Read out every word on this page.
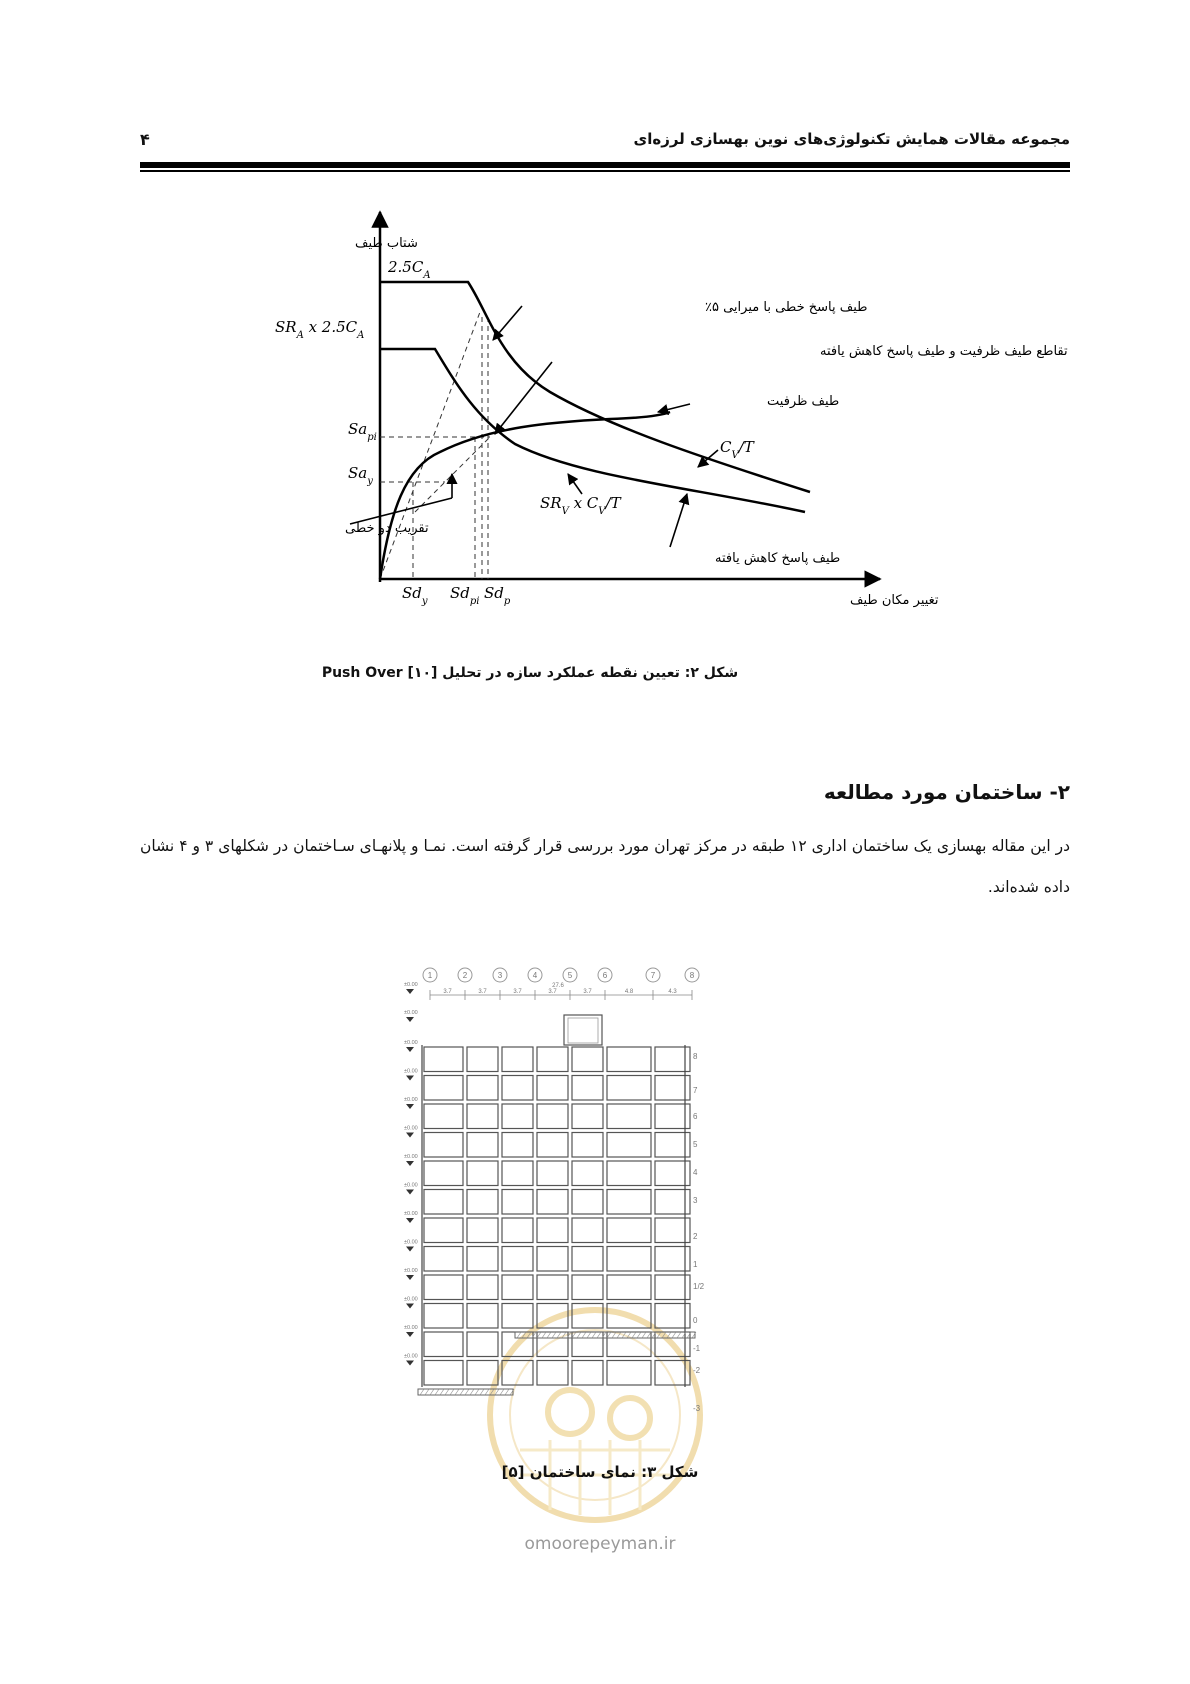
مجموعه مقالات همایش تکنولوژی‌های نوین بهسازی لرزه‌ای
۴
شتاب طیف
تغییر مکان طیف
$2.5C_A$
$SR_A$ x $2.5C_A$
$Sa_{pi}$
$Sa_y$
$Sd_y$ $Sd_{pi}$ $Sd_p$
$C_V/T$
$SR_V$ x $C_V/T$
طیف پاسخ خطی با میرایی ۵٪
تقاطع طیف ظرفیت و طیف پاسخ کاهش یافته
طیف ظرفیت
طیف پاسخ کاهش یافته
تقریب دو خطی
شکل ۲: تعیین نقطه عملکرد سازه در تحلیل Push Over [۱۰]
۲- ساختمان مورد مطالعه
در این مقاله بهسازی یک ساختمان اداری ۱۲ طبقه در مرکز تهران مورد بررسی قرار گرفته است. نمـا و پلانهـای سـاختمان در شکلهای ۳ و ۴ نشان داده شده‌اند.
omoorepeyman.ir
1	2	3	4	5	6	7	8
3.7	3.7	3.7	3.7	3.7	4.8	4.3
27.6
±0.00
±0.00
±0.00
±0.00
±0.00
±0.00
±0.00
±0.00
±0.00
±0.00
±0.00
±0.00
±0.00
±0.00
8
7
6
5
4
3
2
1
1/2
0
-1
-2
-3
شکل ۳: نمای ساختمان [۵]
